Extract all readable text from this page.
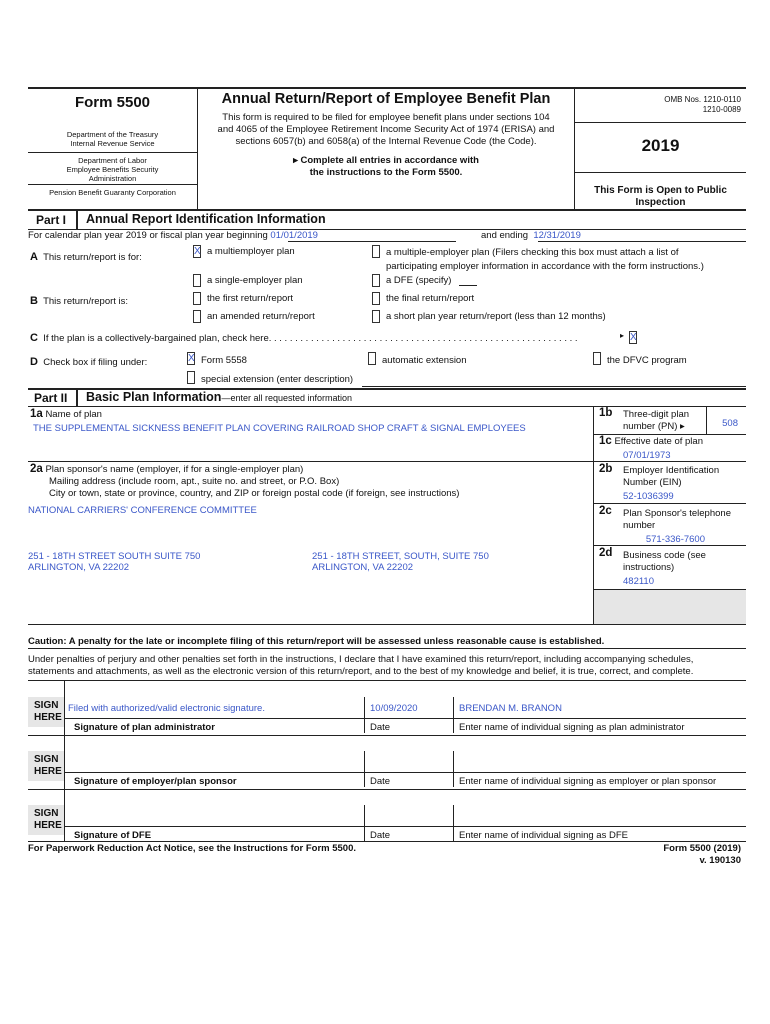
Form 5500
Department of the Treasury
Internal Revenue Service
Department of Labor
Employee Benefits Security
Administration
Pension Benefit Guaranty Corporation
Annual Return/Report of Employee Benefit Plan
This form is required to be filed for employee benefit plans under sections 104
and 4065 of the Employee Retirement Income Security Act of 1974 (ERISA) and
sections 6057(b) and 6058(a) of the Internal Revenue Code (the Code).
▸ Complete all entries in accordance with
the instructions to the Form 5500.
OMB Nos. 1210-0110
1210-0089
2019
This Form is Open to Public
Inspection
Part I	Annual Report Identification Information
For calendar plan year 2019 or fiscal plan year beginning 01/01/2019	and ending 12/31/2019
A This return/report is for:
X a multiemployer plan	a multiple-employer plan (Filers checking this box must attach a list of
participating employer information in accordance with the form instructions.)
a single-employer plan	a DFE (specify)
B This return/report is:	the first return/report	the final return/report
an amended return/report	a short plan year return/report (less than 12 months)
C If the plan is a collectively-bargained plan, check here. . . . . . . . . . . . . . . . . . . . . . . . . . . . . . . . . . . . . . . . . . . . . . . . . . . . . . . . . . .	▸ X
D Check box if filing under:	X Form 5558	automatic extension	the DFVC program
special extension (enter description)
Part II	Basic Plan Information—enter all requested information
1a Name of plan
THE SUPPLEMENTAL SICKNESS BENEFIT PLAN COVERING RAILROAD SHOP CRAFT & SIGNAL EMPLOYEES
1b Three-digit plan
number (PN) ▸	508
1c Effective date of plan
07/01/1973
2a Plan sponsor's name (employer, if for a single-employer plan)
Mailing address (include room, apt., suite no. and street, or P.O. Box)
City or town, state or province, country, and ZIP or foreign postal code (if foreign, see instructions)
NATIONAL CARRIERS' CONFERENCE COMMITTEE
251 - 18TH STREET SOUTH SUITE 750
ARLINGTON, VA 22202
251 - 18TH STREET, SOUTH, SUITE 750
ARLINGTON, VA 22202
2b Employer Identification
Number (EIN)
52-1036399
2c Plan Sponsor's telephone
number
571-336-7600
2d Business code (see
instructions)
482110
Caution: A penalty for the late or incomplete filing of this return/report will be assessed unless reasonable cause is established.
Under penalties of perjury and other penalties set forth in the instructions, I declare that I have examined this return/report, including accompanying schedules,
statements and attachments, as well as the electronic version of this return/report, and to the best of my knowledge and belief, it is true, correct, and complete.
SIGN
HERE
Filed with authorized/valid electronic signature.	10/09/2020	BRENDAN M. BRANON
Signature of plan administrator	Date	Enter name of individual signing as plan administrator
SIGN
HERE
Signature of employer/plan sponsor	Date	Enter name of individual signing as employer or plan sponsor
SIGN
HERE
Signature of DFE	Date	Enter name of individual signing as DFE
For Paperwork Reduction Act Notice, see the Instructions for Form 5500.	Form 5500 (2019)
v. 190130
